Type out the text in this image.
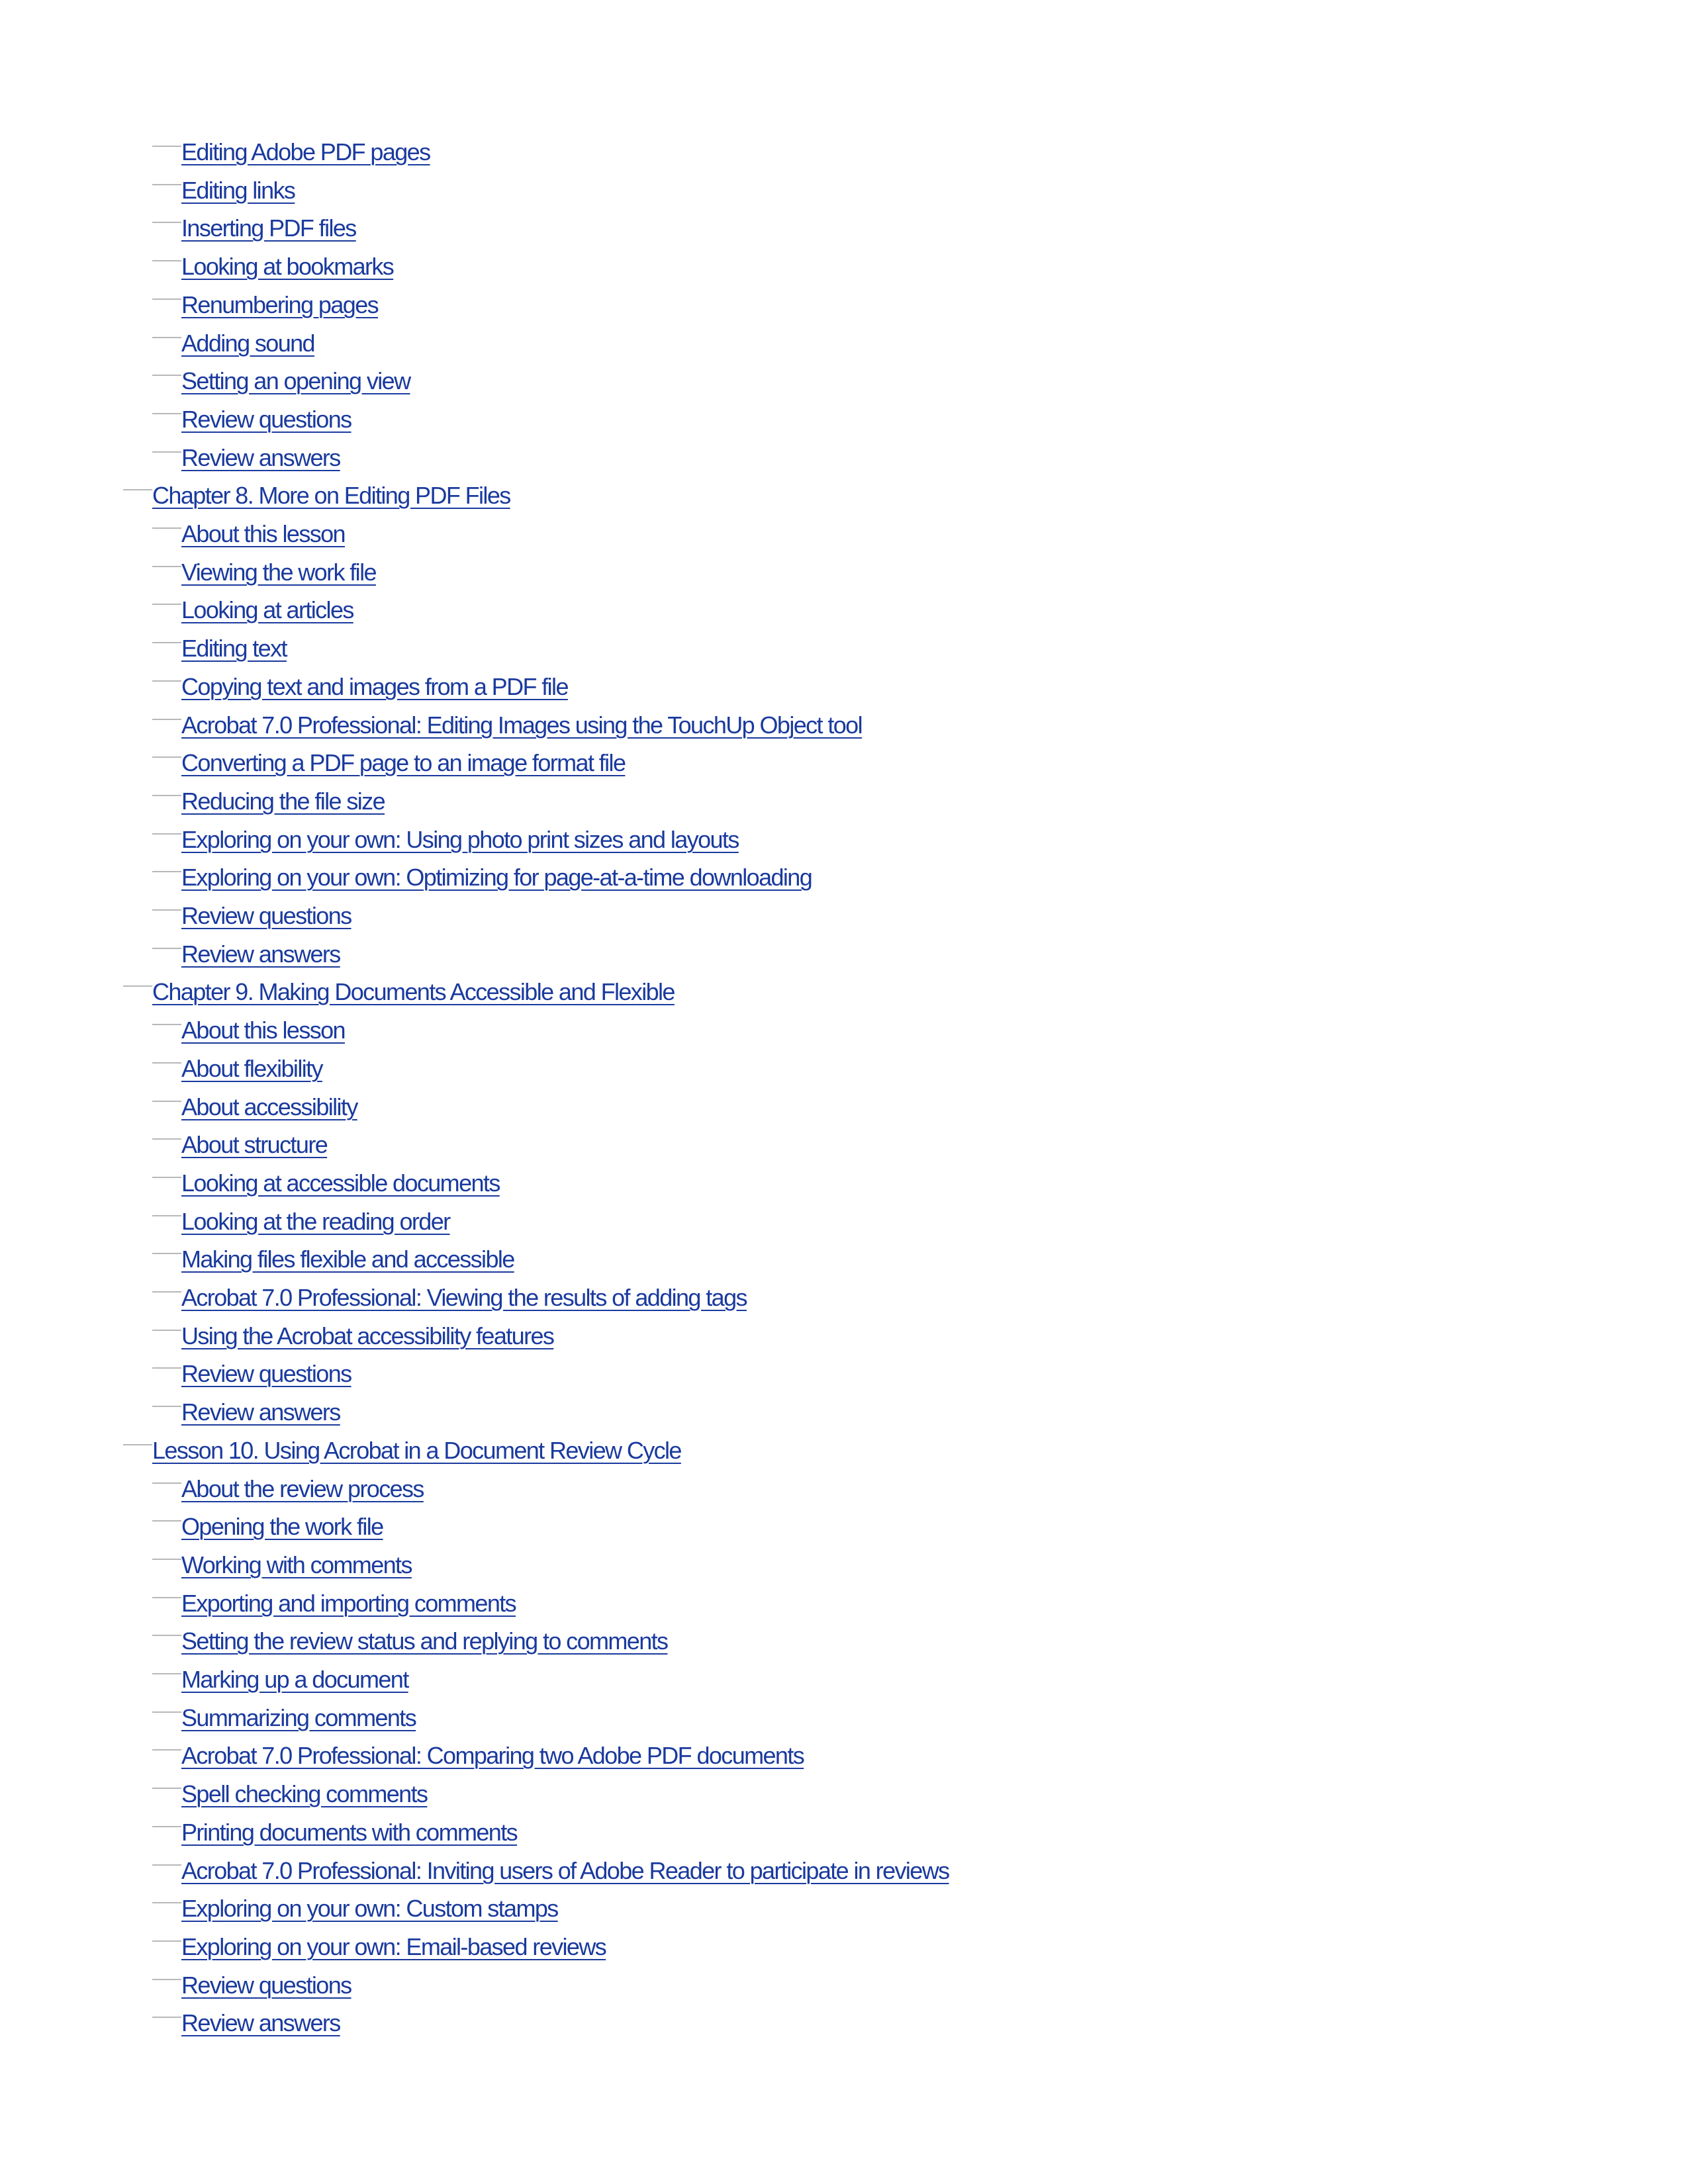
Editing Adobe PDF pages
Editing links
Inserting PDF files
Looking at bookmarks
Renumbering pages
Adding sound
Setting an opening view
Review questions
Review answers
Chapter 8. More on Editing PDF Files
About this lesson
Viewing the work file
Looking at articles
Editing text
Copying text and images from a PDF file
Acrobat 7.0 Professional: Editing Images using the TouchUp Object tool
Converting a PDF page to an image format file
Reducing the file size
Exploring on your own: Using photo print sizes and layouts
Exploring on your own: Optimizing for page-at-a-time downloading
Review questions
Review answers
Chapter 9. Making Documents Accessible and Flexible
About this lesson
About flexibility
About accessibility
About structure
Looking at accessible documents
Looking at the reading order
Making files flexible and accessible
Acrobat 7.0 Professional: Viewing the results of adding tags
Using the Acrobat accessibility features
Review questions
Review answers
Lesson 10. Using Acrobat in a Document Review Cycle
About the review process
Opening the work file
Working with comments
Exporting and importing comments
Setting the review status and replying to comments
Marking up a document
Summarizing comments
Acrobat 7.0 Professional: Comparing two Adobe PDF documents
Spell checking comments
Printing documents with comments
Acrobat 7.0 Professional: Inviting users of Adobe Reader to participate in reviews
Exploring on your own: Custom stamps
Exploring on your own: Email-based reviews
Review questions
Review answers
